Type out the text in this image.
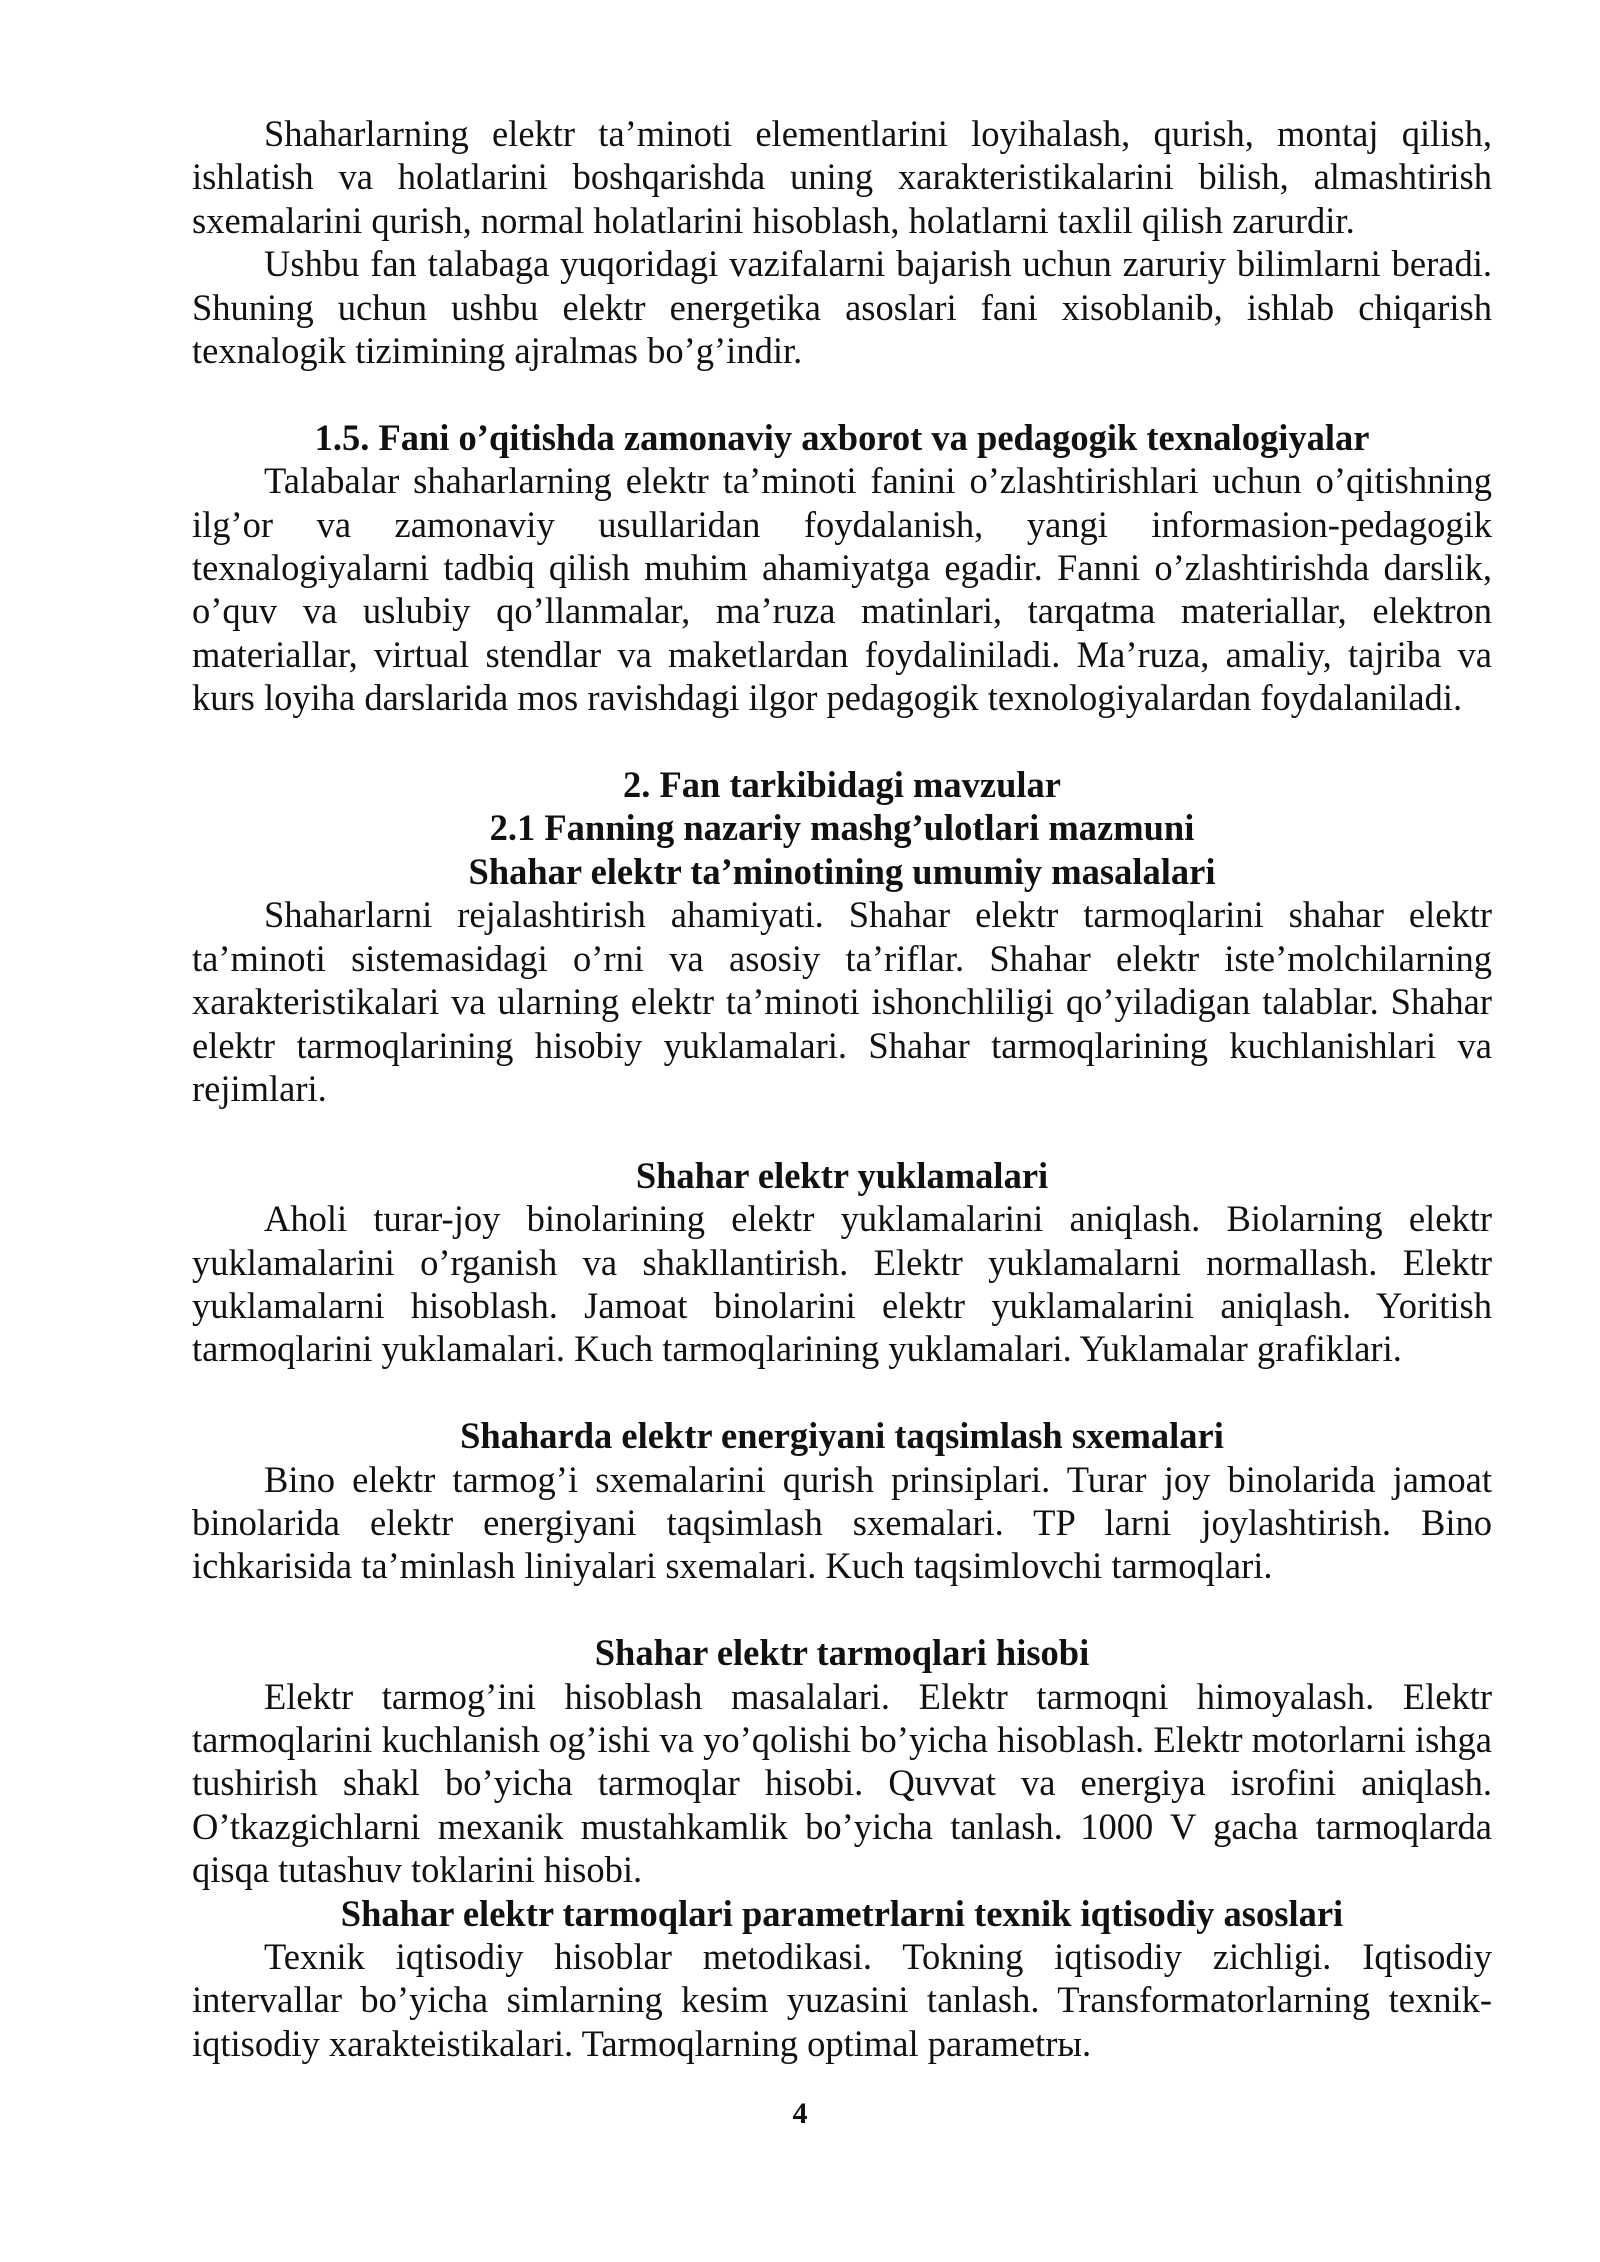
Shaharlarning elektr ta’minoti elementlarini loyihalash, qurish, montaj qilish, ishlatish va holatlarini boshqarishda uning xarakteristikalarini bilish, almashtirish sxemalarini qurish, normal holatlarini hisoblash, holatlarni taxlil qilish zarurdir.

Ushbu fan talabaga yuqoridagi vazifalarni bajarish uchun zaruriy bilimlarni beradi. Shuning uchun ushbu elektr energetika asoslari fani xisoblanib, ishlab chiqarish texnalogik tizimining ajralmas bo’g’indir.

1.5. Fani o’qitishda zamonaviy axborot va pedagogik texnalogiyalar

Talabalar shaharlarning elektr ta’minoti fanini o’zlashtirishlari uchun o’qitishning ilg’or va zamonaviy usullaridan foydalanish, yangi informasion-pedagogik texnalogiyalarni tadbiq qilish muhim ahamiyatga egadir. Fanni o’zlashtirishda darslik, o’quv va uslubiy qo’llanmalar, ma’ruza matinlari, tarqatma materiallar, elektron materiallar, virtual stendlar va maketlardan foydaliniladi. Ma’ruza, amaliy, tajriba va kurs loyiha darslarida mos ravishdagi ilgor pedagogik texnologiyalardan foydalaniladi.

2. Fan tarkibidagi mavzular

2.1 Fanning nazariy mashg’ulotlari mazmuni

Shahar elektr ta’minotining umumiy masalalari

Shaharlarni rejalashtirish ahamiyati. Shahar elektr tarmoqlarini shahar elektr ta’minoti sistemasidagi o’rni va asosiy ta’riflar. Shahar elektr iste’molchilarning xarakteristikalari va ularning elektr ta’minoti ishonchliligi qo’yiladigan talablar. Shahar elektr tarmoqlarining hisobiy yuklamalari. Shahar tarmoqlarining kuchlanishlari va rejimlari.

Shahar elektr yuklamalari

Aholi turar-joy binolarining elektr yuklamalarini aniqlash. Biolarning elektr yuklamalarini o’rganish va shakllantirish. Elektr yuklamalarni normallash. Elektr yuklamalarni hisoblash. Jamoat binolarini elektr yuklamalarini aniqlash. Yoritish tarmoqlarini yuklamalari. Kuch tarmoqlarining yuklamalari. Yuklamalar grafiklari.

Shaharda elektr energiyani taqsimlash sxemalari

Bino elektr tarmog’i sxemalarini qurish prinsiplari. Turar joy binolarida jamoat binolarida elektr energiyani taqsimlash sxemalari. TP larni joylashtirish. Bino ichkarisida ta’minlash liniyalari sxemalari. Kuch taqsimlovchi tarmoqlari.

Shahar elektr tarmoqlari hisobi

Elektr tarmog’ini hisoblash masalalari. Elektr tarmoqni himoyalash. Elektr tarmoqlarini kuchlanish og’ishi va yo’qolishi bo’yicha hisoblash. Elektr motorlarni ishga tushirish shakl bo’yicha tarmoqlar hisobi. Quvvat va energiya isrofini aniqlash. O’tkazgichlarni mexanik mustahkamlik bo’yicha tanlash. 1000 V gacha tarmoqlarda qisqa tutashuv toklarini hisobi.

Shahar elektr tarmoqlari parametrlarni texnik iqtisodiy asoslari

Texnik iqtisodiy hisoblar metodikasi. Tokning iqtisodiy zichligi. Iqtisodiy intervallar bo’yicha simlarning kesim yuzasini tanlash. Transformatorlarning texnik-iqtisodiy xarakteistikalari. Tarmoqlarning optimal parametrы.

4
